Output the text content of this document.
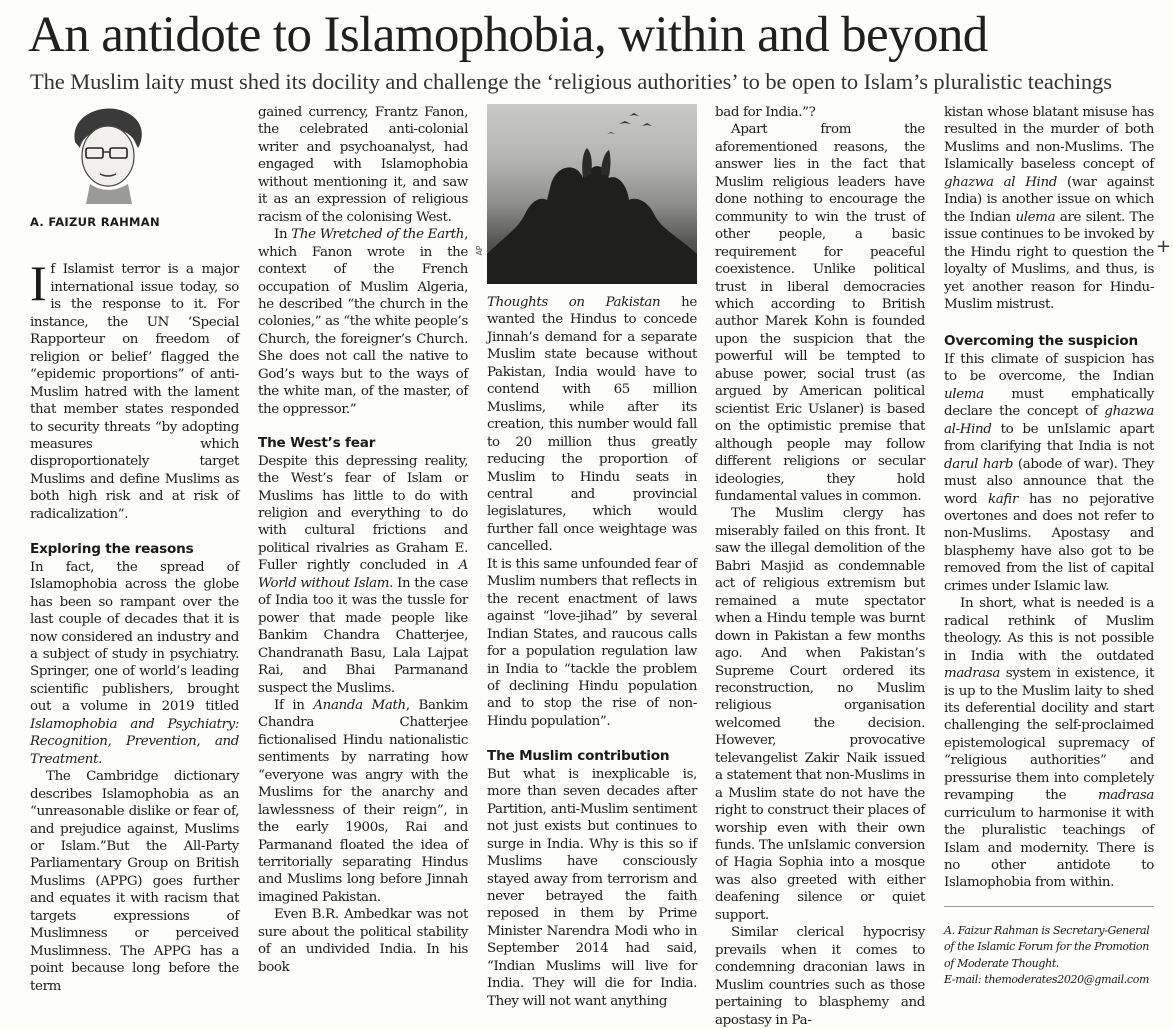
An antidote to Islamophobia, within and beyond
The Muslim laity must shed its docility and challenge the ‘religious authorities’ to be open to Islam’s pluralistic teachings
+
A. FAIZUR RAHMAN

If Islamist terror is a major international issue today, so is the response to it. For instance, the UN ‘Special Rapporteur on freedom of religion or belief’ flagged the “epidemic proportions” of anti-Muslim hatred with the lament that member states responded to security threats “by adopting measures which disproportionately target Muslims and define Muslims as both high risk and at risk of radicalization”.

Exploring the reasons

In fact, the spread of Islamophobia across the globe has been so rampant over the last couple of decades that it is now considered an industry and a subject of study in psychiatry. Springer, one of world’s leading scientific publishers, brought out a volume in 2019 titled Islamophobia and Psychiatry: Recognition, Prevention, and Treatment.

The Cambridge dictionary describes Islamophobia as an “unreasonable dislike or fear of, and prejudice against, Muslims or Islam.”But the All-Party Parliamentary Group on British Muslims (APPG) goes further and equates it with racism that targets expressions of Muslimness or perceived Muslimness. The APPG has a point because long before the term

gained currency, Frantz Fanon, the celebrated anti-colonial writer and psychoanalyst, had engaged with Islamophobia without mentioning it, and saw it as an expression of religious racism of the colonising West.

In The Wretched of the Earth, which Fanon wrote in the context of the French occupation of Muslim Algeria, he described “the church in the colonies,” as “the white people’s Church, the foreigner’s Church. She does not call the native to God’s ways but to the ways of the white man, of the master, of the oppressor.”

The West’s fear

Despite this depressing reality, the West’s fear of Islam or Muslims has little to do with religion and everything to do with cultural frictions and political rivalries as Graham E. Fuller rightly concluded in A World without Islam. In the case of India too it was the tussle for power that made people like Bankim Chandra Chatterjee, Chandranath Basu, Lala Lajpat Rai, and Bhai Parmanand suspect the Muslims.

If in Ananda Math, Bankim Chandra Chatterjee fictionalised Hindu nationalistic sentiments by narrating how “everyone was angry with the Muslims for the anarchy and lawlessness of their reign”, in the early 1900s, Rai and Parmanand floated the idea of territorially separating Hindus and Muslims long before Jinnah imagined Pakistan.

Even B.R. Ambedkar was not sure about the political stability of an undivided India. In his book

AP

Thoughts on Pakistan he wanted the Hindus to concede Jinnah’s demand for a separate Muslim state because without Pakistan, India would have to contend with 65 million Muslims, while after its creation, this number would fall to 20 million thus greatly reducing the proportion of Muslim to Hindu seats in central and provincial legislatures, which would further fall once weightage was cancelled.

It is this same unfounded fear of Muslim numbers that reflects in the recent enactment of laws against “love-jihad” by several Indian States, and raucous calls for a population regulation law in India to “tackle the problem of declining Hindu population and to stop the rise of non-Hindu population”.

The Muslim contribution

But what is inexplicable is, more than seven decades after Partition, anti-Muslim sentiment not just exists but continues to surge in India. Why is this so if Muslims have consciously stayed away from terrorism and never betrayed the faith reposed in them by Prime Minister Narendra Modi who in September 2014 had said, “Indian Muslims will live for India. They will die for India. They will not want anything

bad for India.”?

Apart from the aforementioned reasons, the answer lies in the fact that Muslim religious leaders have done nothing to encourage the community to win the trust of other people, a basic requirement for peaceful coexistence. Unlike political trust in liberal democracies which according to British author Marek Kohn is founded upon the suspicion that the powerful will be tempted to abuse power, social trust (as argued by American political scientist Eric Uslaner) is based on the optimistic premise that although people may follow different religions or secular ideologies, they hold fundamental values in common.

The Muslim clergy has miserably failed on this front. It saw the illegal demolition of the Babri Masjid as condemnable act of religious extremism but remained a mute spectator when a Hindu temple was burnt down in Pakistan a few months ago. And when Pakistan’s Supreme Court ordered its reconstruction, no Muslim religious organisation welcomed the decision. However, provocative televangelist Zakir Naik issued a statement that non-Muslims in a Muslim state do not have the right to construct their places of worship even with their own funds. The unIslamic conversion of Hagia Sophia into a mosque was also greeted with either deafening silence or quiet support.

Similar clerical hypocrisy prevails when it comes to condemning draconian laws in Muslim countries such as those pertaining to blasphemy and apostasy in Pa-

kistan whose blatant misuse has resulted in the murder of both Muslims and non-Muslims. The Islamically baseless concept of ghazwa al Hind (war against India) is another issue on which the Indian ulema are silent. The issue continues to be invoked by the Hindu right to question the loyalty of Muslims, and thus, is yet another reason for Hindu-Muslim mistrust.

Overcoming the suspicion

If this climate of suspicion has to be overcome, the Indian ulema must emphatically declare the concept of ghazwa al-Hind to be unIslamic apart from clarifying that India is not darul harb (abode of war). They must also announce that the word kafir has no pejorative overtones and does not refer to non-Muslims. Apostasy and blasphemy have also got to be removed from the list of capital crimes under Islamic law.

In short, what is needed is a radical rethink of Muslim theology. As this is not possible in India with the outdated madrasa system in existence, it is up to the Muslim laity to shed its deferential docility and start challenging the self-proclaimed epistemological supremacy of “religious authorities” and pressurise them into completely revamping the madrasa curriculum to harmonise it with the pluralistic teachings of Islam and modernity. There is no other antidote to Islamophobia from within.

A. Faizur Rahman is Secretary-General of the Islamic Forum for the Promotion of Moderate Thought.
E-mail: themoderates2020@gmail.com
